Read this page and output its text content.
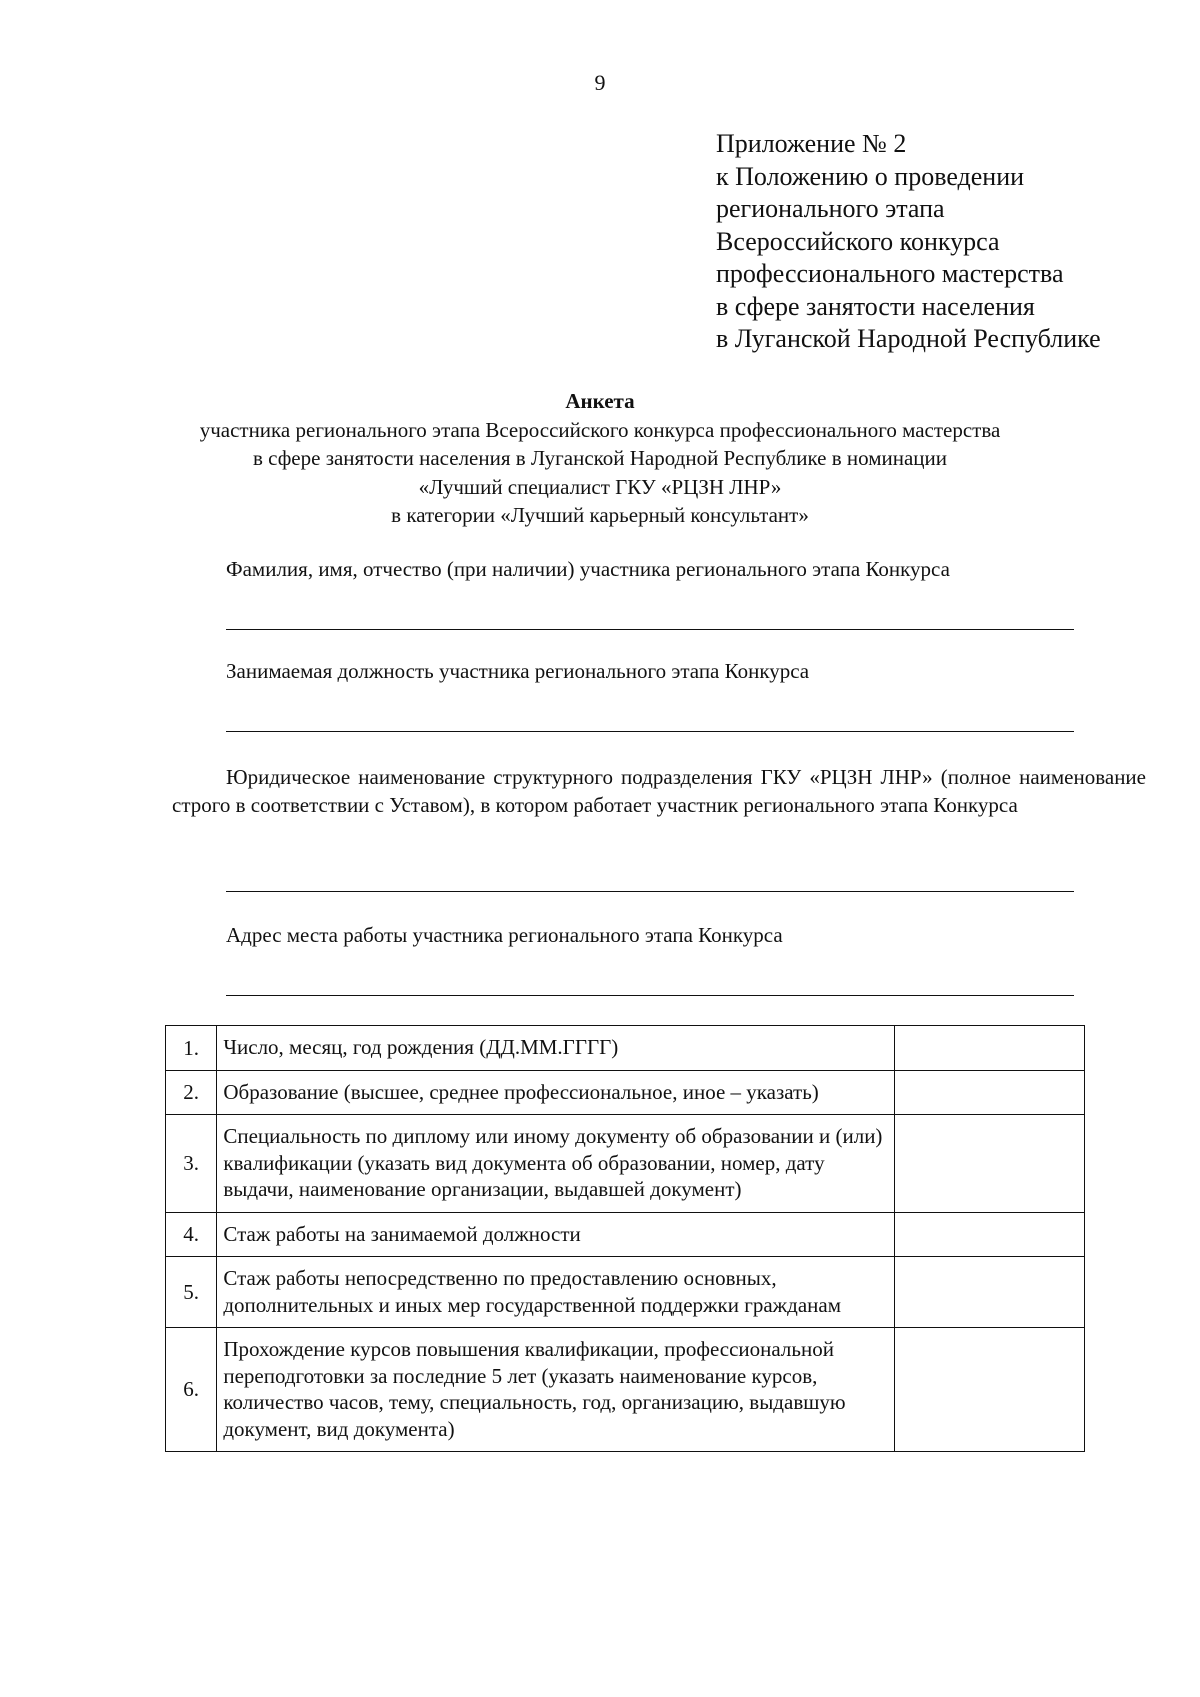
9
Приложение № 2
к Положению о проведении
регионального этапа
Всероссийского конкурса
профессионального мастерства
в сфере занятости населения
в Луганской Народной Республике
Анкета
участника регионального этапа Всероссийского конкурса профессионального мастерства
в сфере занятости населения в Луганской Народной Республике в номинации
«Лучший специалист ГКУ «РЦЗН ЛНР»
в категории «Лучший карьерный консультант»
Фамилия, имя, отчество (при наличии) участника регионального этапа Конкурса
Занимаемая должность участника регионального этапа Конкурса
Юридическое наименование структурного подразделения ГКУ «РЦЗН ЛНР» (полное наименование строго в соответствии с Уставом), в котором работает участник регионального этапа Конкурса
Адрес места работы участника регионального этапа Конкурса
1.	Число, месяц, год рождения (ДД.ММ.ГГГГ)	
2.	Образование (высшее, среднее профессиональное, иное – указать)	
3.	Специальность по диплому или иному документу об образовании и (или) квалификации (указать вид документа об образовании, номер, дату выдачи, наименование организации, выдавшей документ)	
4.	Стаж работы на занимаемой должности	
5.	Стаж работы непосредственно по предоставлению основных, дополнительных и иных мер государственной поддержки гражданам	
6.	Прохождение курсов повышения квалификации, профессиональной переподготовки за последние 5 лет (указать наименование курсов, количество часов, тему, специальность, год, организацию, выдавшую документ, вид документа)	
